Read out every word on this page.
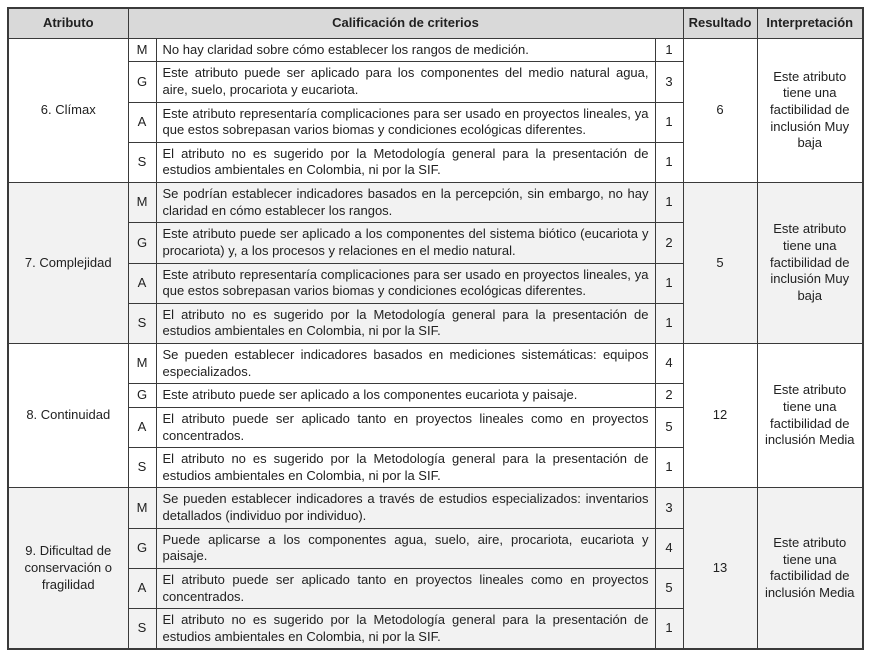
Atributo	Calificación de criterios			Resultado	Interpretación
6. Clímax	M	No hay claridad sobre cómo establecer los rangos de medición.	1	6	Este atributo tiene una factibilidad de inclusión Muy baja
	G	Este atributo puede ser aplicado para los componentes del medio natural agua, aire, suelo, procariota y eucariota.	3		
	A	Este atributo representaría complicaciones para ser usado en proyectos lineales, ya que estos sobrepasan varios biomas y condiciones ecológicas diferentes.	1		
	S	El atributo no es sugerido por la Metodología general para la presentación de estudios ambientales en Colombia, ni por la SIF.	1		
7. Complejidad	M	Se podrían establecer indicadores basados en la percepción, sin embargo, no hay claridad en cómo establecer los rangos.	1	5	Este atributo tiene una factibilidad de inclusión Muy baja
	G	Este atributo puede ser aplicado a los componentes del sistema biótico (eucariota y procariota) y, a los procesos y relaciones en el medio natural.	2		
	A	Este atributo representaría complicaciones para ser usado en proyectos lineales, ya que estos sobrepasan varios biomas y condiciones ecológicas diferentes.	1		
	S	El atributo no es sugerido por la Metodología general para la presentación de estudios ambientales en Colombia, ni por la SIF.	1		
8. Continuidad	M	Se pueden establecer indicadores basados en mediciones sistemáticas: equipos especializados.	4	12	Este atributo tiene una factibilidad de inclusión Media
	G	Este atributo puede ser aplicado a los componentes eucariota y paisaje.	2		
	A	El atributo puede ser aplicado tanto en proyectos lineales como en proyectos concentrados.	5		
	S	El atributo no es sugerido por la Metodología general para la presentación de estudios ambientales en Colombia, ni por la SIF.	1		
9. Dificultad de conservación o fragilidad	M	Se pueden establecer indicadores a través de estudios especializados: inventarios detallados (individuo por individuo).	3	13	Este atributo tiene una factibilidad de inclusión Media
	G	Puede aplicarse a los componentes agua, suelo, aire, procariota, eucariota y paisaje.	4		
	A	El atributo puede ser aplicado tanto en proyectos lineales como en proyectos concentrados.	5		
	S	El atributo no es sugerido por la Metodología general para la presentación de estudios ambientales en Colombia, ni por la SIF.	1		
